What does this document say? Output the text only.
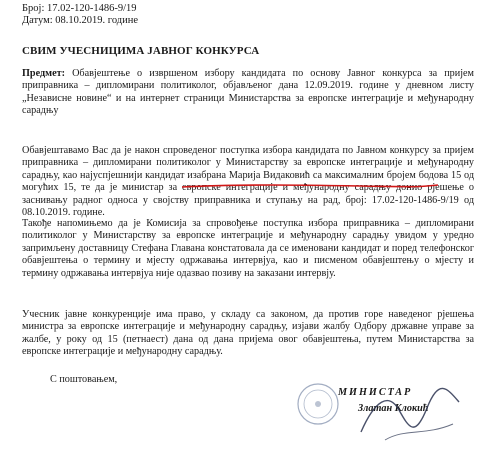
Број: 17.02-120-1486-9/19
Датум: 08.10.2019. године
СВИМ УЧЕСНИЦИМА ЈАВНОГ КОНКУРСА
Предмет: Обавјештење о извршеном избору кандидата по основу Јавног конкурса за пријем приправника – дипломирани политиколог, објављеног дана 12.09.2019. године у дневном листу „Независне новине“ и на интернет страници Министарства за европске интеграције и међународну сарадњу
Обавјештавамо Вас да је након спроведеног поступка избора кандидата по Јавном конкурсу за пријем приправника – дипломирани политиколог у Министарству за европске интеграције и међународну сарадњу, као најуспјешнији кандидат изабрана Марија Видаковић са максималним бројем бодова 15 од могућих 15, те да је министар за европске интеграције и међународну сарадњу донио рјешење о заснивању радног односа у својству приправника и ступању на рад, број: 17.02-120-1486-9/19 од 08.10.2019. године.
Такође напомињемо да је Комисија за спровођење поступка избора приправника – дипломирани политиколог у Министарству за европске интеграције и међународну сарадњу увидом у уредно запримљену доставницу Стефана Главана констатовала да се именовани кандидат и поред телефонског обавјештења о термину и мјесту одржавања интервјуа, као и писменом обавјештењу о мјесту и термину одржавања интервјуа није одазвао позиву на заказани интервју.
Учесник јавне конкуренције има право, у складу са законом, да против горе наведеног рјешења министра за европске интеграције и међународну сарадњу, изјави жалбу Одбору државне управе за жалбе, у року од 15 (петнаест) дана од дана пријема овог обавјештења, путем Министарства за европске интеграције и међународну сарадњу.
С поштовањем,
МИНИСТАР
Златан Клокић
